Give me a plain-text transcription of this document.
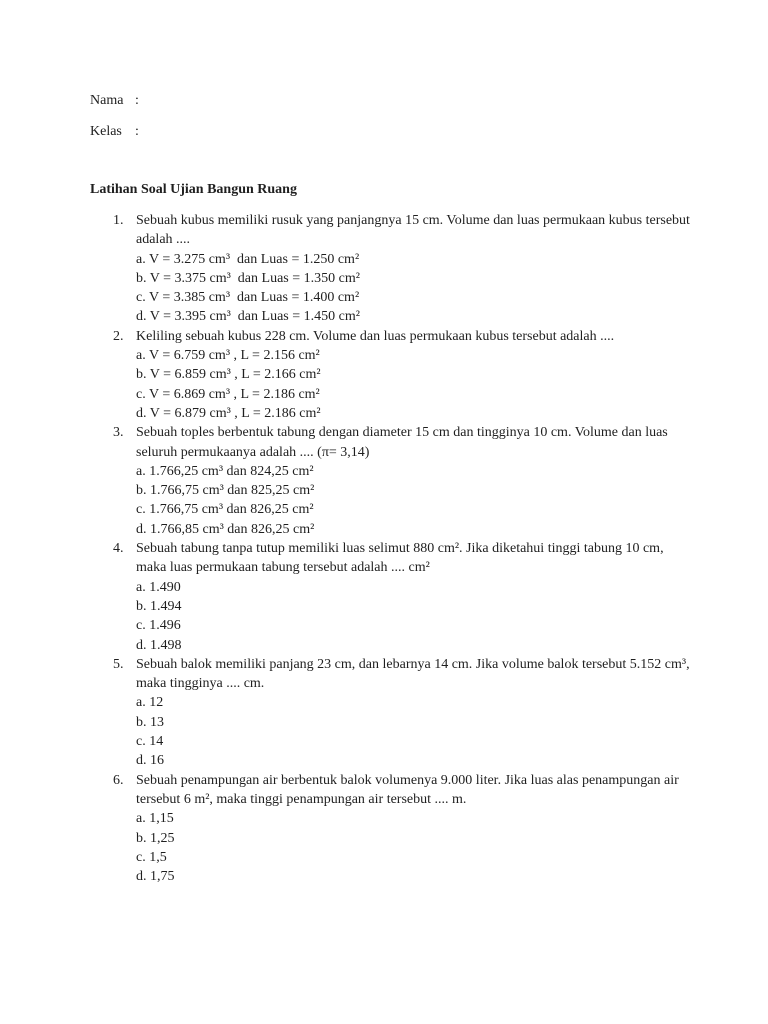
Nama :
Kelas :
Latihan Soal Ujian Bangun Ruang
1. Sebuah kubus memiliki rusuk yang panjangnya 15 cm. Volume dan luas permukaan kubus tersebut adalah ....
a. V = 3.275 cm³  dan Luas = 1.250 cm²
b. V = 3.375 cm³  dan Luas = 1.350 cm²
c. V = 3.385 cm³  dan Luas = 1.400 cm²
d. V = 3.395 cm³  dan Luas = 1.450 cm²
2. Keliling sebuah kubus 228 cm. Volume dan luas permukaan kubus tersebut adalah ....
a. V = 6.759 cm³ , L = 2.156 cm²
b. V = 6.859 cm³ , L = 2.166 cm²
c. V = 6.869 cm³ , L = 2.186 cm²
d. V = 6.879 cm³ , L = 2.186 cm²
3. Sebuah toples berbentuk tabung dengan diameter 15 cm dan tingginya 10 cm. Volume dan luas seluruh permukaanya adalah .... (π= 3,14)
a. 1.766,25 cm³ dan 824,25 cm²
b. 1.766,75 cm³ dan 825,25 cm²
c. 1.766,75 cm³ dan 826,25 cm²
d. 1.766,85 cm³ dan 826,25 cm²
4. Sebuah tabung tanpa tutup memiliki luas selimut 880 cm². Jika diketahui tinggi tabung 10 cm, maka luas permukaan tabung tersebut adalah .... cm²
a. 1.490
b. 1.494
c. 1.496
d. 1.498
5. Sebuah balok memiliki panjang 23 cm, dan lebarnya 14 cm. Jika volume balok tersebut 5.152 cm³, maka tingginya .... cm.
a. 12
b. 13
c. 14
d. 16
6. Sebuah penampungan air berbentuk balok volumenya 9.000 liter. Jika luas alas penampungan air tersebut 6 m², maka tinggi penampungan air tersebut .... m.
a. 1,15
b. 1,25
c. 1,5
d. 1,75
